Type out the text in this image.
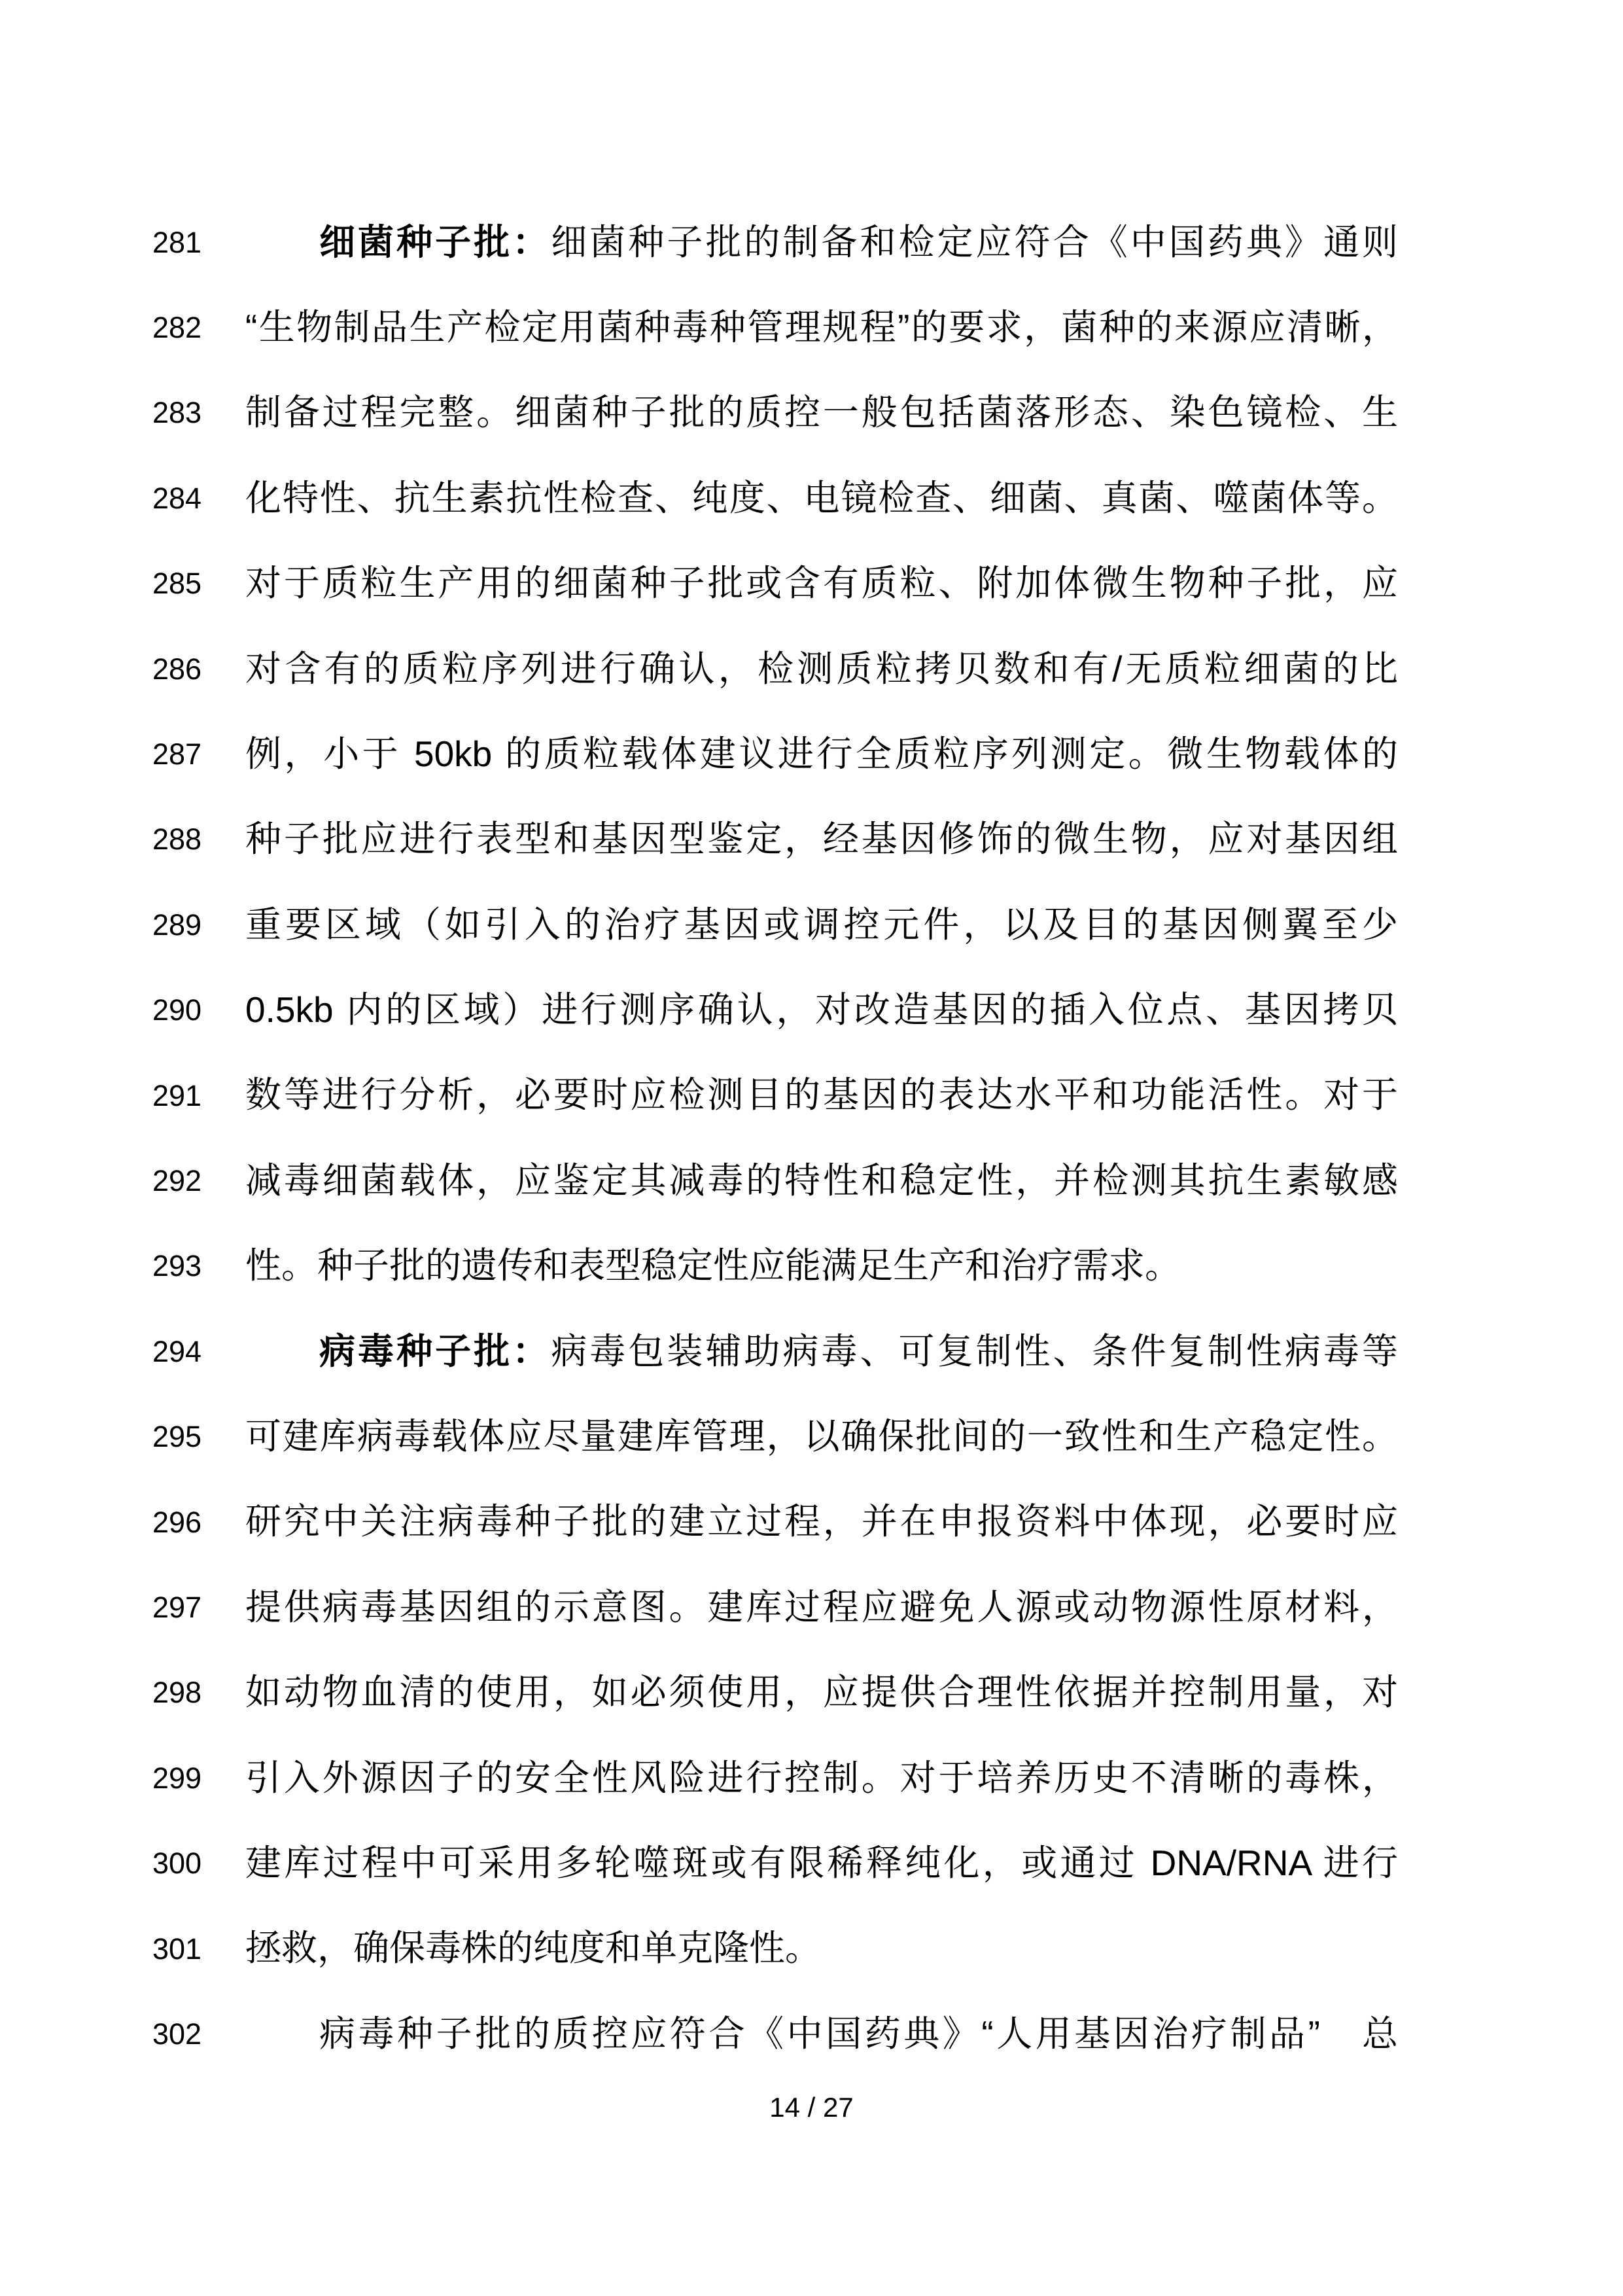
281	细菌种子批：细菌种子批的制备和检定应符合《中国药典》通则
282	“生物制品生产检定用菌种毒种管理规程”的要求，菌种的来源应清晰，
283	制备过程完整。细菌种子批的质控一般包括菌落形态、染色镜检、生
284	化特性、抗生素抗性检查、纯度、电镜检查、细菌、真菌、噬菌体等。
285	对于质粒生产用的细菌种子批或含有质粒、附加体微生物种子批，应
286	对含有的质粒序列进行确认，检测质粒拷贝数和有/无质粒细菌的比
287	例，小于 50kb 的质粒载体建议进行全质粒序列测定。微生物载体的
288	种子批应进行表型和基因型鉴定，经基因修饰的微生物，应对基因组
289	重要区域（如引入的治疗基因或调控元件，以及目的基因侧翼至少
290	0.5kb 内的区域）进行测序确认，对改造基因的插入位点、基因拷贝
291	数等进行分析，必要时应检测目的基因的表达水平和功能活性。对于
292	减毒细菌载体，应鉴定其减毒的特性和稳定性，并检测其抗生素敏感
293	性。种子批的遗传和表型稳定性应能满足生产和治疗需求。
294	病毒种子批：病毒包装辅助病毒、可复制性、条件复制性病毒等
295	可建库病毒载体应尽量建库管理，以确保批间的一致性和生产稳定性。
296	研究中关注病毒种子批的建立过程，并在申报资料中体现，必要时应
297	提供病毒基因组的示意图。建库过程应避免人源或动物源性原材料，
298	如动物血清的使用，如必须使用，应提供合理性依据并控制用量，对
299	引入外源因子的安全性风险进行控制。对于培养历史不清晰的毒株，
300	建库过程中可采用多轮噬斑或有限稀释纯化，或通过 DNA/RNA 进行
301	拯救，确保毒株的纯度和单克隆性。
302	病毒种子批的质控应符合《中国药典》“人用基因治疗制品”　总
14 / 27
